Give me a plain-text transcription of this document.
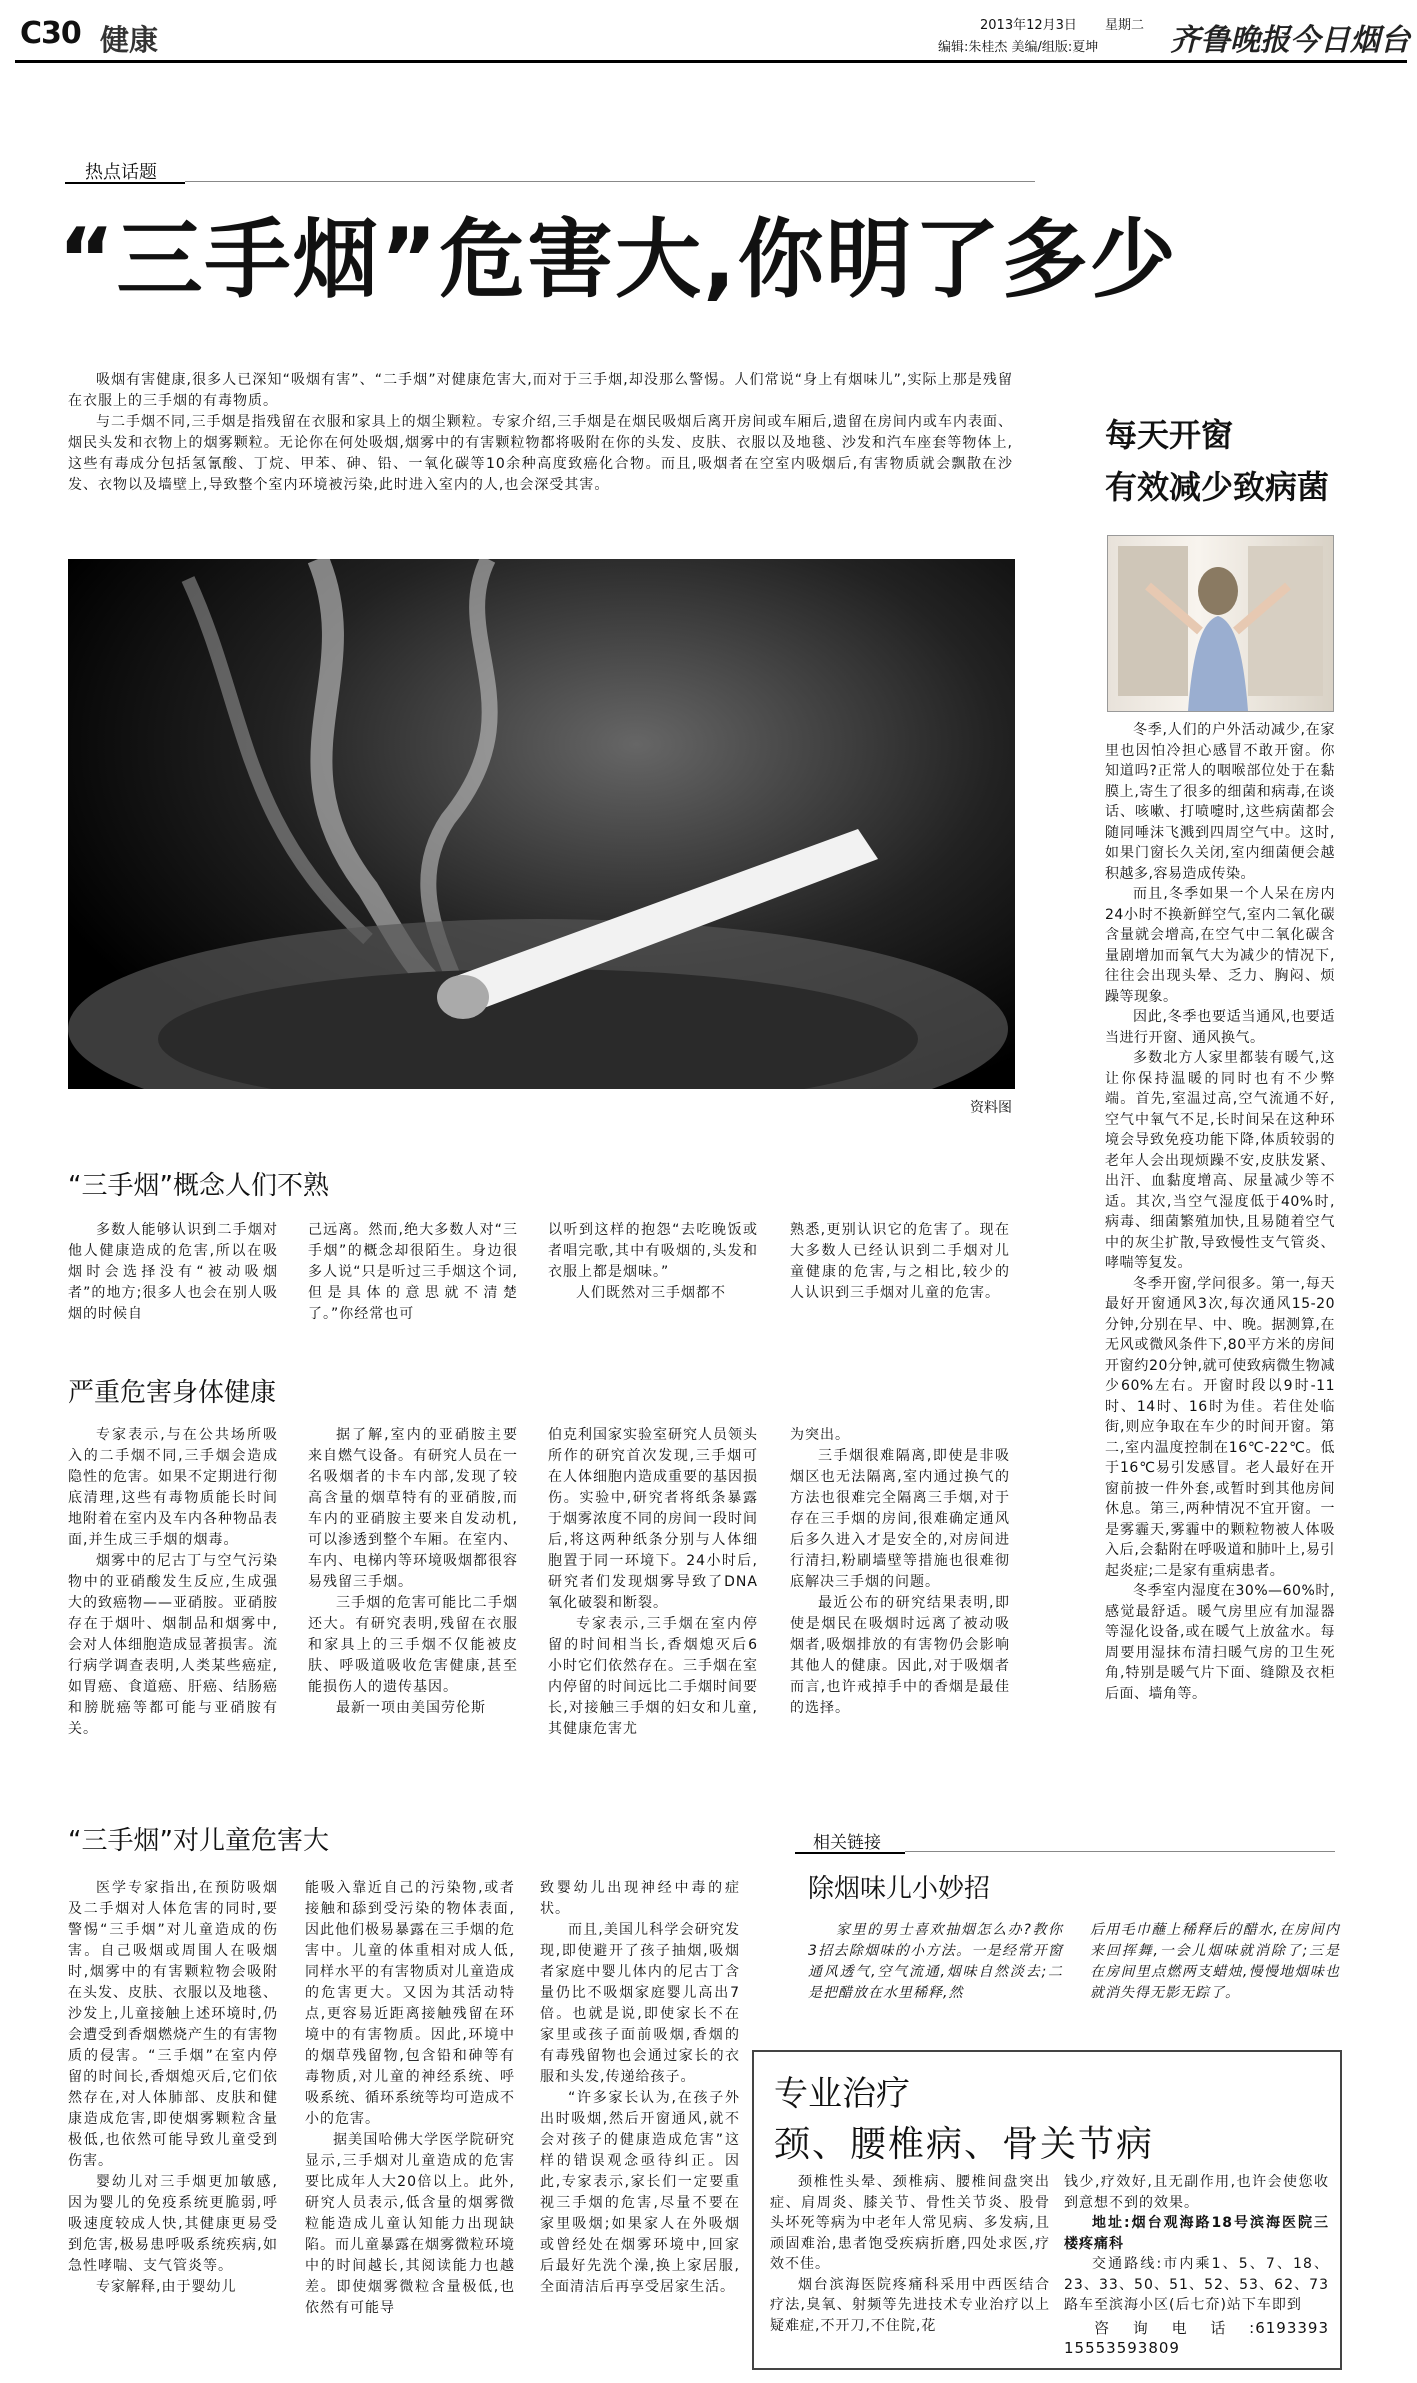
C30 健康	2013年12月3日 星期二
编辑:朱桂杰 美编/组版:夏坤 齐鲁晚报今日烟台
热点话题
“三手烟”危害大,你明了多少

吸烟有害健康,很多人已深知“吸烟有害”、“二手烟”对健康危害大,而对于三手烟,却没那么警惕。人们常说“身上有烟味儿”,实际上那是残留在衣服上的三手烟的有毒物质。

与二手烟不同,三手烟是指残留在衣服和家具上的烟尘颗粒。专家介绍,三手烟是在烟民吸烟后离开房间或车厢后,遗留在房间内或车内表面、烟民头发和衣物上的烟雾颗粒。无论你在何处吸烟,烟雾中的有害颗粒物都将吸附在你的头发、皮肤、衣服以及地毯、沙发和汽车座套等物体上,这些有毒成分包括氢氰酸、丁烷、甲苯、砷、铅、一氧化碳等10余种高度致癌化合物。而且,吸烟者在空室内吸烟后,有害物质就会飘散在沙发、衣物以及墙壁上,导致整个室内环境被污染,此时进入室内的人,也会深受其害。

资料图
“三手烟”概念人们不熟

多数人能够认识到二手烟对他人健康造成的危害,所以在吸烟时会选择没有“被动吸烟者”的地方;很多人也会在别人吸烟的时候自

己远离。然而,绝大多数人对“三手烟”的概念却很陌生。身边很多人说“只是听过三手烟这个词,但是具体的意思就不清楚了。”你经常也可

以听到这样的抱怨“去吃晚饭或者唱完歌,其中有吸烟的,头发和衣服上都是烟味。”

人们既然对三手烟都不

熟悉,更别认识它的危害了。现在大多数人已经认识到二手烟对儿童健康的危害,与之相比,较少的人认识到三手烟对儿童的危害。

严重危害身体健康

专家表示,与在公共场所吸入的二手烟不同,三手烟会造成隐性的危害。如果不定期进行彻底清理,这些有毒物质能长时间地附着在室内及车内各种物品表面,并生成三手烟的烟毒。

烟雾中的尼古丁与空气污染物中的亚硝酸发生反应,生成强大的致癌物——亚硝胺。亚硝胺存在于烟叶、烟制品和烟雾中,会对人体细胞造成显著损害。流行病学调查表明,人类某些癌症,如胃癌、食道癌、肝癌、结肠癌和膀胱癌等都可能与亚硝胺有关。

据了解,室内的亚硝胺主要来自燃气设备。有研究人员在一名吸烟者的卡车内部,发现了较高含量的烟草特有的亚硝胺,而车内的亚硝胺主要来自发动机,可以渗透到整个车厢。在室内、车内、电梯内等环境吸烟都很容易残留三手烟。

三手烟的危害可能比二手烟还大。有研究表明,残留在衣服和家具上的三手烟不仅能被皮肤、呼吸道吸收危害健康,甚至能损伤人的遗传基因。

最新一项由美国劳伦斯

伯克利国家实验室研究人员领头所作的研究首次发现,三手烟可在人体细胞内造成重要的基因损伤。实验中,研究者将纸条暴露于烟雾浓度不同的房间一段时间后,将这两种纸条分别与人体细胞置于同一环境下。24小时后,研究者们发现烟雾导致了DNA氧化破裂和断裂。

专家表示,三手烟在室内停留的时间相当长,香烟熄灭后6小时它们依然存在。三手烟在室内停留的时间远比二手烟时间要长,对接触三手烟的妇女和儿童,其健康危害尤

为突出。

三手烟很难隔离,即使是非吸烟区也无法隔离,室内通过换气的方法也很难完全隔离三手烟,对于存在三手烟的房间,很难确定通风后多久进入才是安全的,对房间进行清扫,粉刷墙壁等措施也很难彻底解决三手烟的问题。

最近公布的研究结果表明,即使是烟民在吸烟时远离了被动吸烟者,吸烟排放的有害物仍会影响其他人的健康。因此,对于吸烟者而言,也许戒掉手中的香烟是最佳的选择。

“三手烟”对儿童危害大

医学专家指出,在预防吸烟及二手烟对人体危害的同时,要警惕“三手烟”对儿童造成的伤害。自己吸烟或周围人在吸烟时,烟雾中的有害颗粒物会吸附在头发、皮肤、衣服以及地毯、沙发上,儿童接触上述环境时,仍会遭受到香烟燃烧产生的有害物质的侵害。“三手烟”在室内停留的时间长,香烟熄灭后,它们依然存在,对人体肺部、皮肤和健康造成危害,即使烟雾颗粒含量极低,也依然可能导致儿童受到伤害。

婴幼儿对三手烟更加敏感,因为婴儿的免疫系统更脆弱,呼吸速度较成人快,其健康更易受到危害,极易患呼吸系统疾病,如急性哮喘、支气管炎等。

专家解释,由于婴幼儿

能吸入靠近自己的污染物,或者接触和舔到受污染的物体表面,因此他们极易暴露在三手烟的危害中。儿童的体重相对成人低,同样水平的有害物质对儿童造成的危害更大。又因为其活动特点,更容易近距离接触残留在环境中的有害物质。因此,环境中的烟草残留物,包含铅和砷等有毒物质,对儿童的神经系统、呼吸系统、循环系统等均可造成不小的危害。

据美国哈佛大学医学院研究显示,三手烟对儿童造成的危害要比成年人大20倍以上。此外,研究人员表示,低含量的烟雾微粒能造成儿童认知能力出现缺陷。而儿童暴露在烟雾微粒环境中的时间越长,其阅读能力也越差。即使烟雾微粒含量极低,也依然有可能导

致婴幼儿出现神经中毒的症状。

而且,美国儿科学会研究发现,即使避开了孩子抽烟,吸烟者家庭中婴儿体内的尼古丁含量仍比不吸烟家庭婴儿高出7倍。也就是说,即使家长不在家里或孩子面前吸烟,香烟的有毒残留物也会通过家长的衣服和头发,传递给孩子。

“许多家长认为,在孩子外出时吸烟,然后开窗通风,就不会对孩子的健康造成危害”这样的错误观念亟待纠正。因此,专家表示,家长们一定要重视三手烟的危害,尽量不要在家里吸烟;如果家人在外吸烟或曾经处在烟雾环境中,回家后最好先洗个澡,换上家居服,全面清洁后再享受居家生活。

每天开窗
有效减少致病菌

冬季,人们的户外活动减少,在家里也因怕冷担心感冒不敢开窗。你知道吗?正常人的咽喉部位处于在黏膜上,寄生了很多的细菌和病毒,在谈话、咳嗽、打喷嚏时,这些病菌都会随同唾沫飞溅到四周空气中。这时,如果门窗长久关闭,室内细菌便会越积越多,容易造成传染。

而且,冬季如果一个人呆在房内24小时不换新鲜空气,室内二氧化碳含量就会增高,在空气中二氧化碳含量剧增加而氧气大为减少的情况下,往往会出现头晕、乏力、胸闷、烦躁等现象。

因此,冬季也要适当通风,也要适当进行开窗、通风换气。

多数北方人家里都装有暖气,这让你保持温暖的同时也有不少弊端。首先,室温过高,空气流通不好,空气中氧气不足,长时间呆在这种环境会导致免疫功能下降,体质较弱的老年人会出现烦躁不安,皮肤发紧、出汗、血黏度增高、尿量减少等不适。其次,当空气湿度低于40%时,病毒、细菌繁殖加快,且易随着空气中的灰尘扩散,导致慢性支气管炎、哮喘等复发。

冬季开窗,学问很多。第一,每天最好开窗通风3次,每次通风15-20分钟,分别在早、中、晚。据测算,在无风或微风条件下,80平方米的房间开窗约20分钟,就可使致病微生物减少60%左右。开窗时段以9时-11时、14时、16时为佳。若住处临街,则应争取在车少的时间开窗。第二,室内温度控制在16℃-22℃。低于16℃易引发感冒。老人最好在开窗前披一件外套,或暂时到其他房间休息。第三,两种情况不宜开窗。一是雾霾天,雾霾中的颗粒物被人体吸入后,会黏附在呼吸道和肺叶上,易引起炎症;二是家有重病患者。

冬季室内湿度在30%—60%时,感觉最舒适。暖气房里应有加湿器等湿化设备,或在暖气上放盆水。每周要用湿抹布清扫暖气房的卫生死角,特别是暖气片下面、缝隙及衣柜后面、墙角等。

相关链接
除烟味儿小妙招

家里的男士喜欢抽烟怎么办?教你3招去除烟味的小方法。一是经常开窗通风透气,空气流通,烟味自然淡去;二是把醋放在水里稀释,然

后用毛巾蘸上稀释后的醋水,在房间内来回挥舞,一会儿烟味就消除了;三是在房间里点燃两支蜡烛,慢慢地烟味也就消失得无影无踪了。

专业治疗
颈、腰椎病、骨关节病

颈椎性头晕、颈椎病、腰椎间盘突出症、肩周炎、膝关节、骨性关节炎、股骨头坏死等病为中老年人常见病、多发病,且顽固难治,患者饱受疾病折磨,四处求医,疗效不佳。

烟台滨海医院疼痛科采用中西医结合疗法,臭氧、射频等先进技术专业治疗以上疑难症,不开刀,不住院,花

钱少,疗效好,且无副作用,也许会使您收到意想不到的效果。

地址:烟台观海路18号滨海医院三楼疼痛科

交通路线:市内乘1、5、7、18、23、33、50、51、52、53、62、73路车至滨海小区(后七夼)站下车即到

咨询电话:6193393 15553593809
